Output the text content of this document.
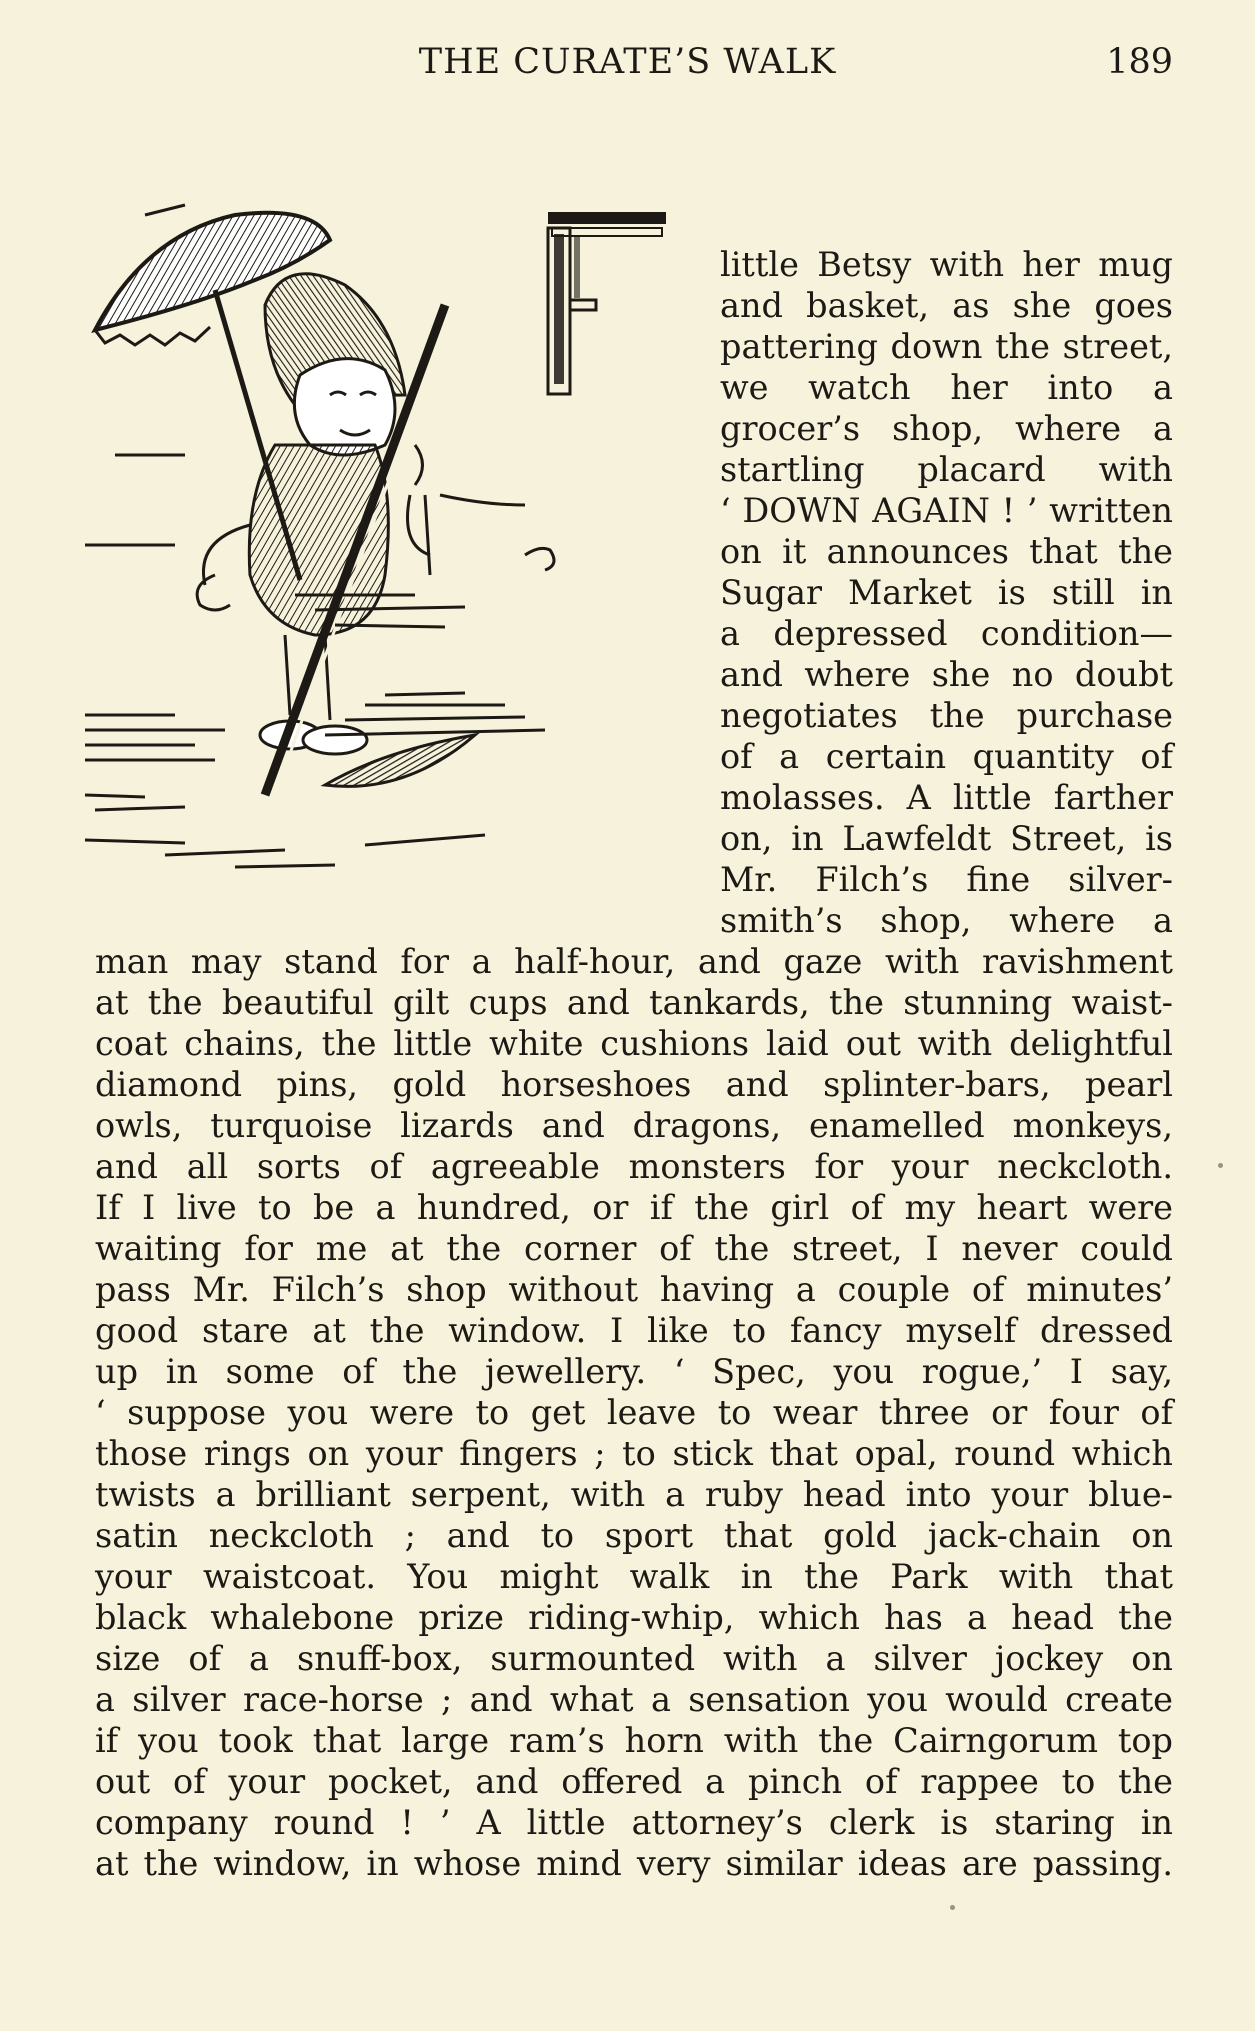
THE CURATE’S WALK	189
F
little Betsy with her mug
and basket, as she goes
pattering down the street,
we watch her into a
grocer’s shop, where a
startling placard with
‘ DOWN AGAIN ! ’ written
on it announces that the
Sugar Market is still in
a depressed condition—
and where she no doubt
negotiates the purchase
of a certain quantity of
molasses. A little farther
on, in Lawfeldt Street, is
Mr. Filch’s fine silver-
smith’s shop, where a
man may stand for a half-hour, and gaze with ravishment
at the beautiful gilt cups and tankards, the stunning waist-
coat chains, the little white cushions laid out with delightful
diamond pins, gold horseshoes and splinter-bars, pearl
owls, turquoise lizards and dragons, enamelled monkeys,
and all sorts of agreeable monsters for your neckcloth.
If I live to be a hundred, or if the girl of my heart were
waiting for me at the corner of the street, I never could
pass Mr. Filch’s shop without having a couple of minutes’
good stare at the window. I like to fancy myself dressed
up in some of the jewellery. ‘ Spec, you rogue,’ I say,
‘ suppose you were to get leave to wear three or four of
those rings on your fingers ; to stick that opal, round which
twists a brilliant serpent, with a ruby head into your blue-
satin neckcloth ; and to sport that gold jack-chain on
your waistcoat. You might walk in the Park with that
black whalebone prize riding-whip, which has a head the
size of a snuff-box, surmounted with a silver jockey on
a silver race-horse ; and what a sensation you would create
if you took that large ram’s horn with the Cairngorum top
out of your pocket, and offered a pinch of rappee to the
company round ! ’ A little attorney’s clerk is staring in
at the window, in whose mind very similar ideas are passing.
